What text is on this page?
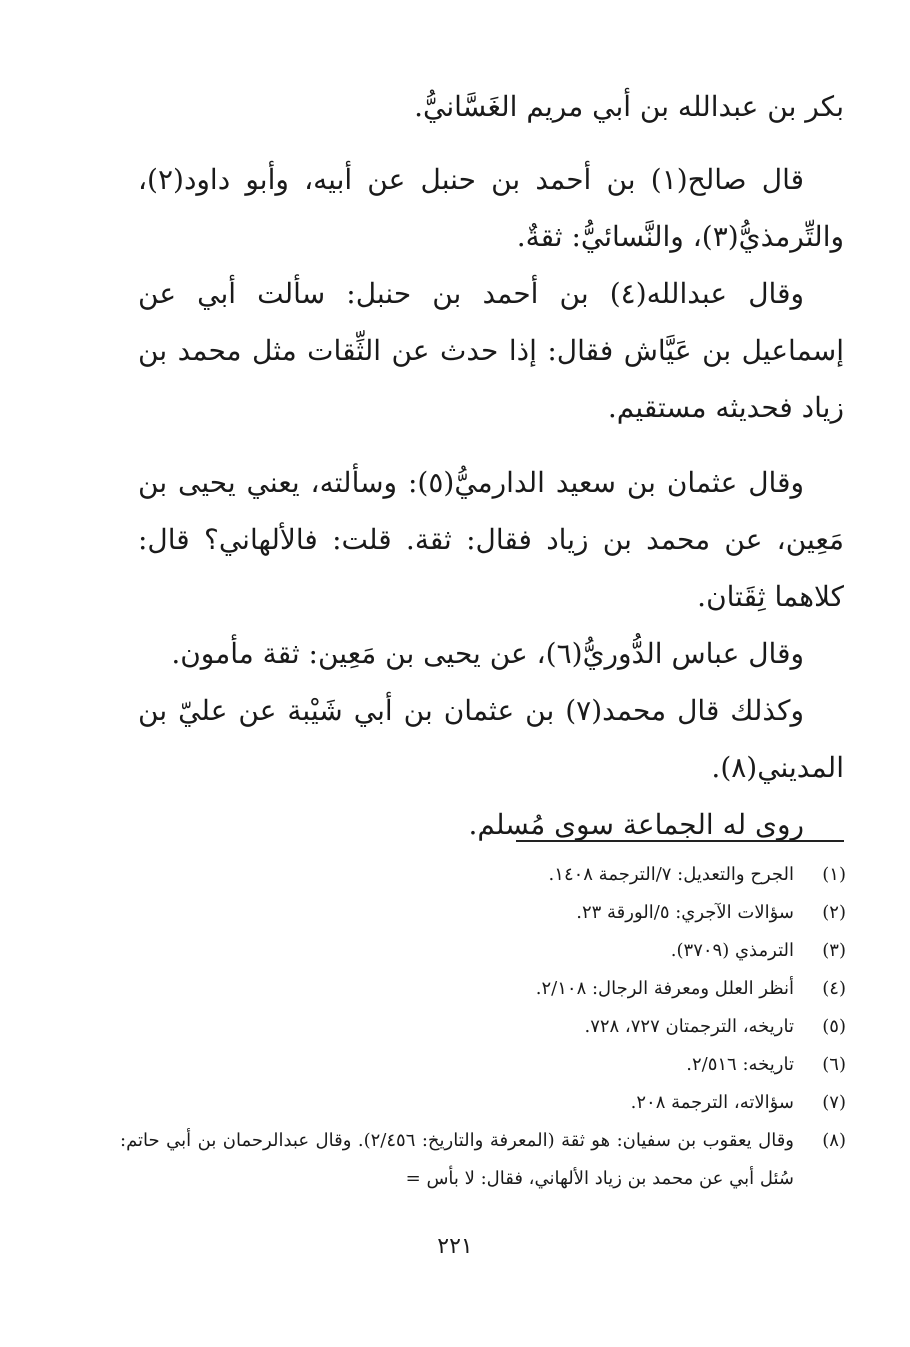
بكر بن عبدالله بن أبي مريم الغَسَّانيُّ.

قال صالح(١) بن أحمد بن حنبل عن أبيه، وأبو داود(٢)، والتِّرمذيُّ(٣)، والنَّسائيُّ: ثقةٌ.

وقال عبدالله(٤) بن أحمد بن حنبل: سألت أبي عن إسماعيل بن عَيَّاش فقال: إذا حدث عن الثِّقات مثل محمد بن زياد فحديثه مستقيم.

وقال عثمان بن سعيد الدارميُّ(٥): وسألته، يعني يحيى بن مَعِين، عن محمد بن زياد فقال: ثقة. قلت: فالألهاني؟ قال: كلاهما ثِقَتان.

وقال عباس الدُّوريُّ(٦)، عن يحيى بن مَعِين: ثقة مأمون.

وكذلك قال محمد(٧) بن عثمان بن أبي شَيْبة عن عليّ بن المديني(٨).

روى له الجماعة سوى مُسلم.

(١)
الجرح والتعديل: ٧/الترجمة ١٤٠٨.
(٢)
سؤالات الآجري: ٥/الورقة ٢٣.
(٣)
الترمذي (٣٧٠٩).
(٤)
أنظر العلل ومعرفة الرجال: ٢/١٠٨.
(٥)
تاريخه، الترجمتان ٧٢٧، ٧٢٨.
(٦)
تاريخه: ٢/٥١٦.
(٧)
سؤالاته، الترجمة ٢٠٨.
(٨)
وقال يعقوب بن سفيان: هو ثقة (المعرفة والتاريخ: ٢/٤٥٦). وقال عبدالرحمان بن أبي حاتم: سُئل أبي عن محمد بن زياد الألهاني، فقال: لا بأس =
٢٢١
